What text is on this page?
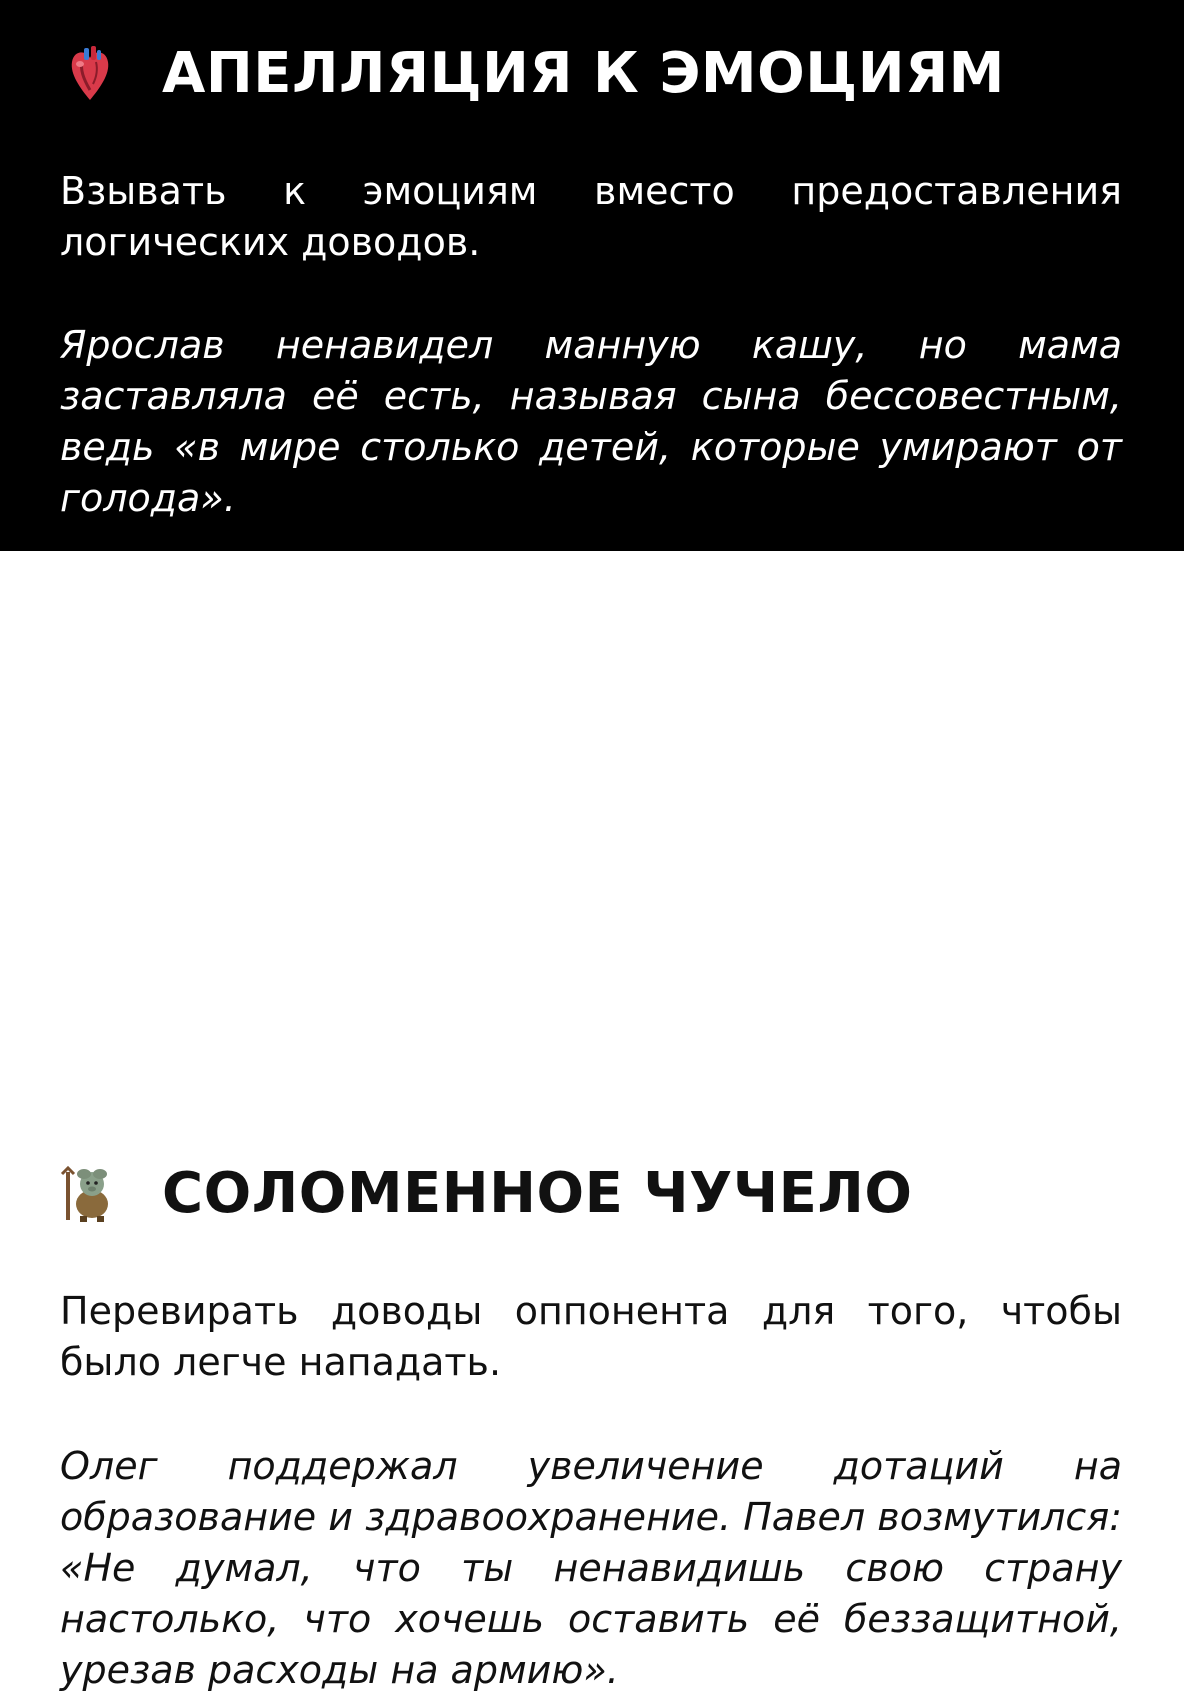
АПЕЛЛЯЦИЯ К ЭМОЦИЯМ

Взывать к эмоциям вместо предоставления логических доводов.

Ярослав ненавидел манную кашу, но мама заставляла её есть, называя сына бессовестным, ведь «в мире столько детей, которые умирают от голода».

СОЛОМЕННОЕ ЧУЧЕЛО

Перевирать доводы оппонента для того, чтобы было легче нападать.

Олег поддержал увеличение дотаций на образование и здравоохранение. Павел возмутился: «Не думал, что ты ненавидишь свою страну настолько, что хочешь оставить её беззащитной, урезав расходы на армию».
